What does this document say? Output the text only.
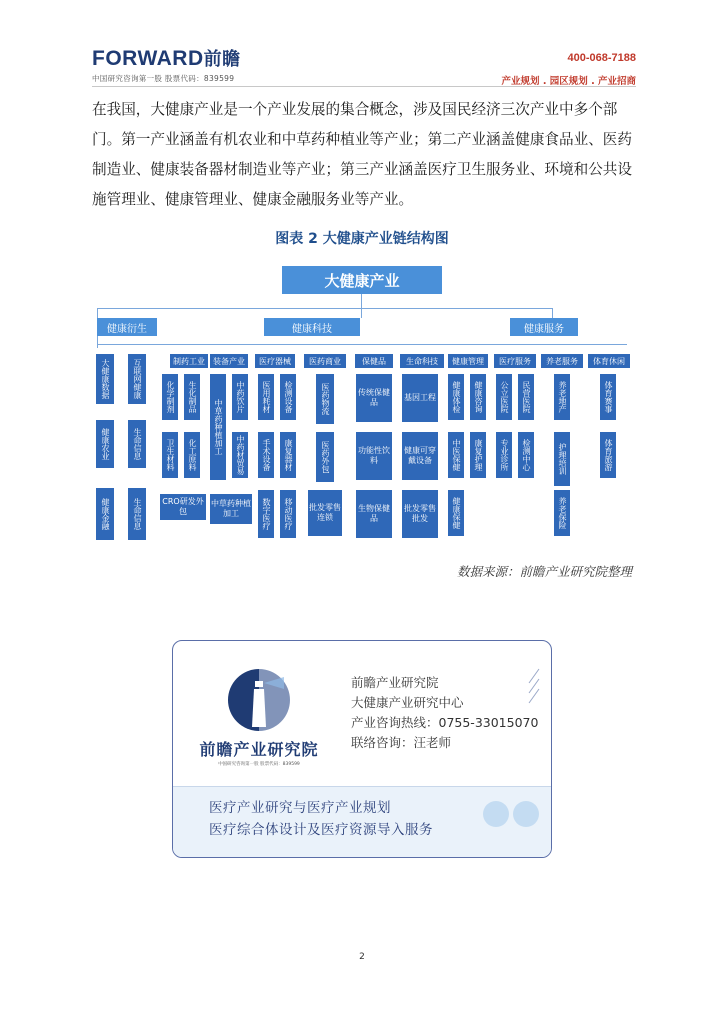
FORWARD前瞻
中国研究咨询第一股 股票代码：839599
400-068-7188
产业规划 . 园区规划 . 产业招商
在我国，大健康产业是一个产业发展的集合概念，涉及国民经济三次产业中多个部门。第一产业涵盖有机农业和中草药种植业等产业；第二产业涵盖健康食品业、医药制造业、健康装备器材制造业等产业；第三产业涵盖医疗卫生服务业、环境和公共设施管理业、健康管理业、健康金融服务业等产业。
图表 2 大健康产业链结构图
大健康产业
健康衍生	健康科技	健康服务
制药工业	装备产业	医疗器械	医药商业	保健品	生命科技	健康管理	医疗服务	养老服务	体育休闲
大健康数据
健康农业
健康金融
互联网健康
生命信息
生命信息
化学制剂	生化制品
卫生材料	化工原料
CRO研发外包
中药饮片
中草药种植加工	中药材贸易
中草药种植加工
医用耗材	检测设备
手术设备	康复器材
数字医疗	移动医疗
医药物流
医药外包
批发零售连锁
传统保健品
功能性饮料
生物保健品
基因工程
健康可穿戴设备
批发零售批发
健康体检	健康咨询
中医保健	康复护理
健康保健
公立医院	民营医院
专业诊所	检测中心
养老地产
护理培训
养老保险
体育赛事
体育旅游
数据来源：前瞻产业研究院整理
前瞻产业研究院
中国研究咨询第一股 股票代码：839599
前瞻产业研究院
大健康产业研究中心
产业咨询热线：0755-33015070
联络咨询：汪老师
医疗产业研究与医疗产业规划
医疗综合体设计及医疗资源导入服务
2
